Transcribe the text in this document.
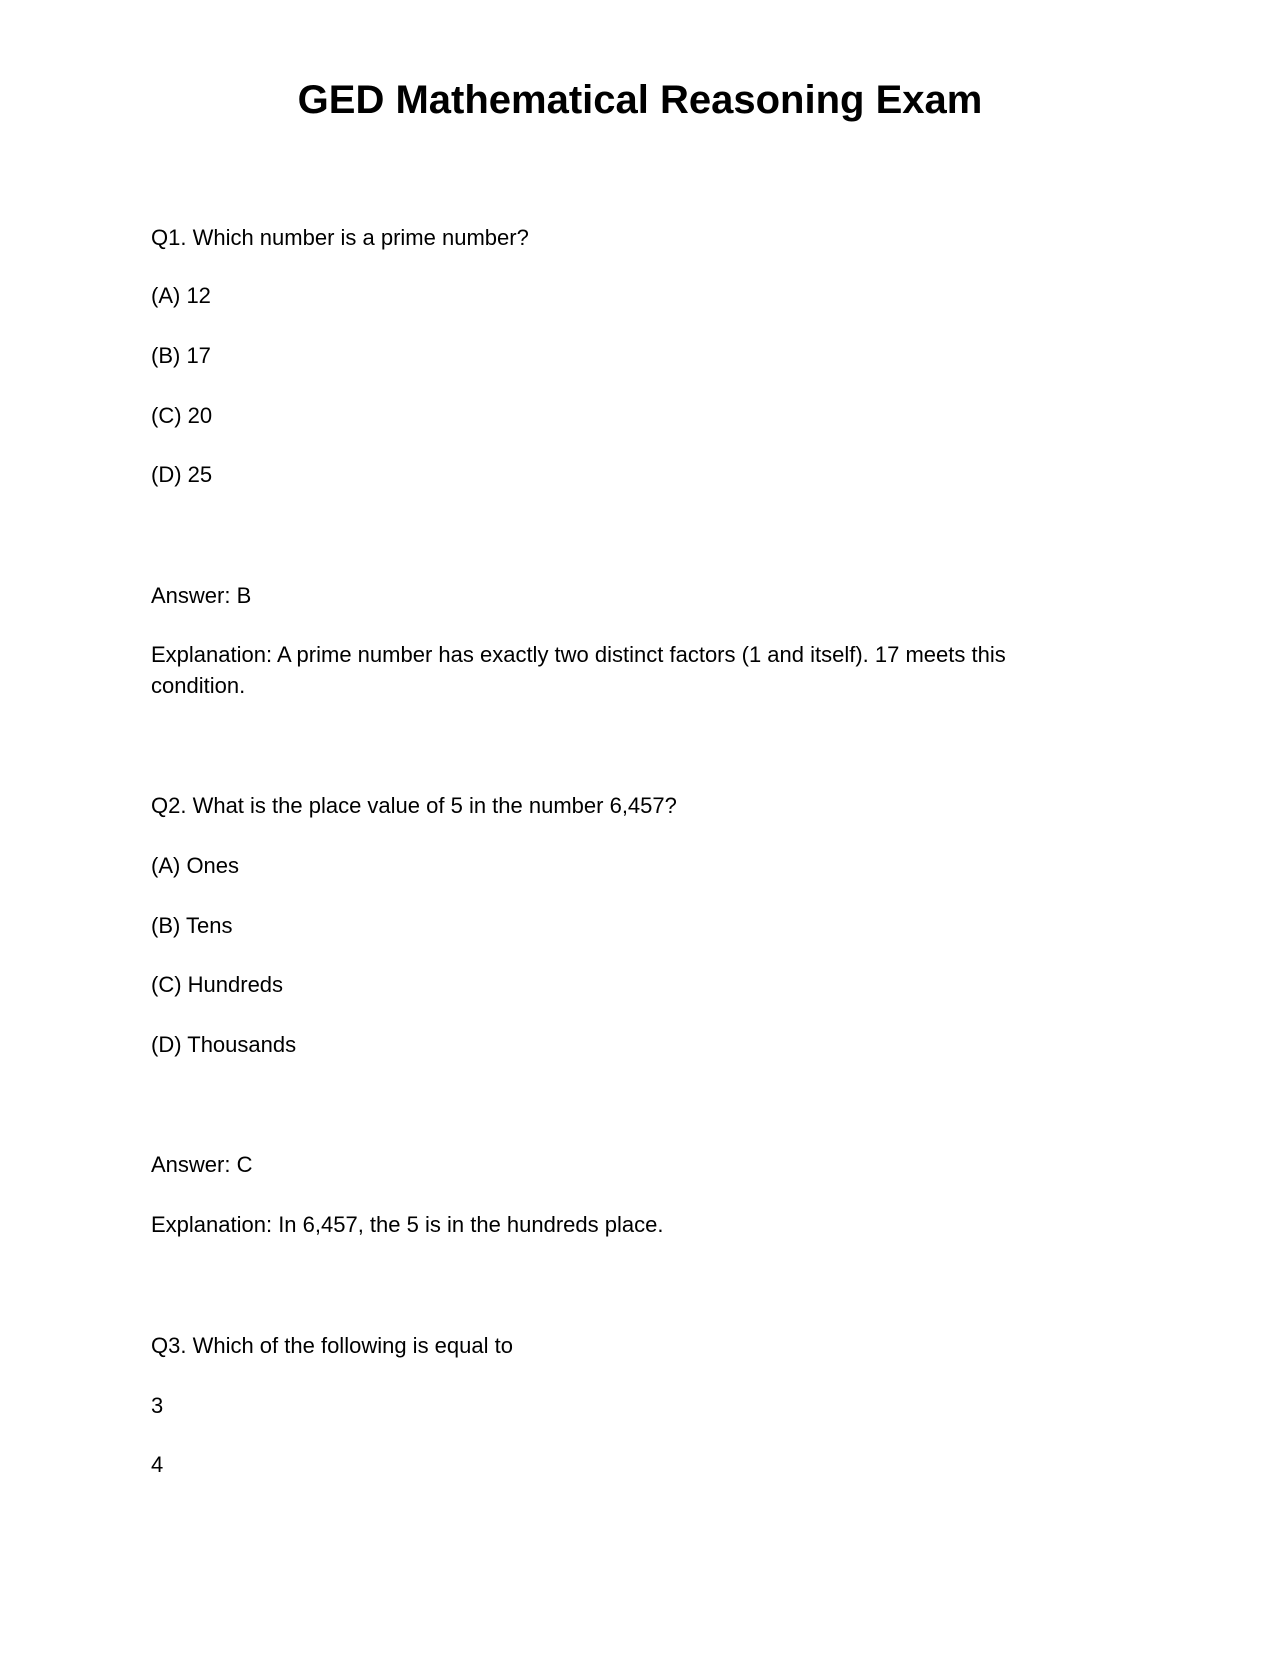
GED Mathematical Reasoning Exam
Q1. Which number is a prime number?
(A) 12
(B) 17
(C) 20
(D) 25
Answer: B
Explanation: A prime number has exactly two distinct factors (1 and itself). 17 meets this condition.
Q2. What is the place value of 5 in the number 6,457?
(A) Ones
(B) Tens
(C) Hundreds
(D) Thousands
Answer: C
Explanation: In 6,457, the 5 is in the hundreds place.
Q3. Which of the following is equal to
3
4
